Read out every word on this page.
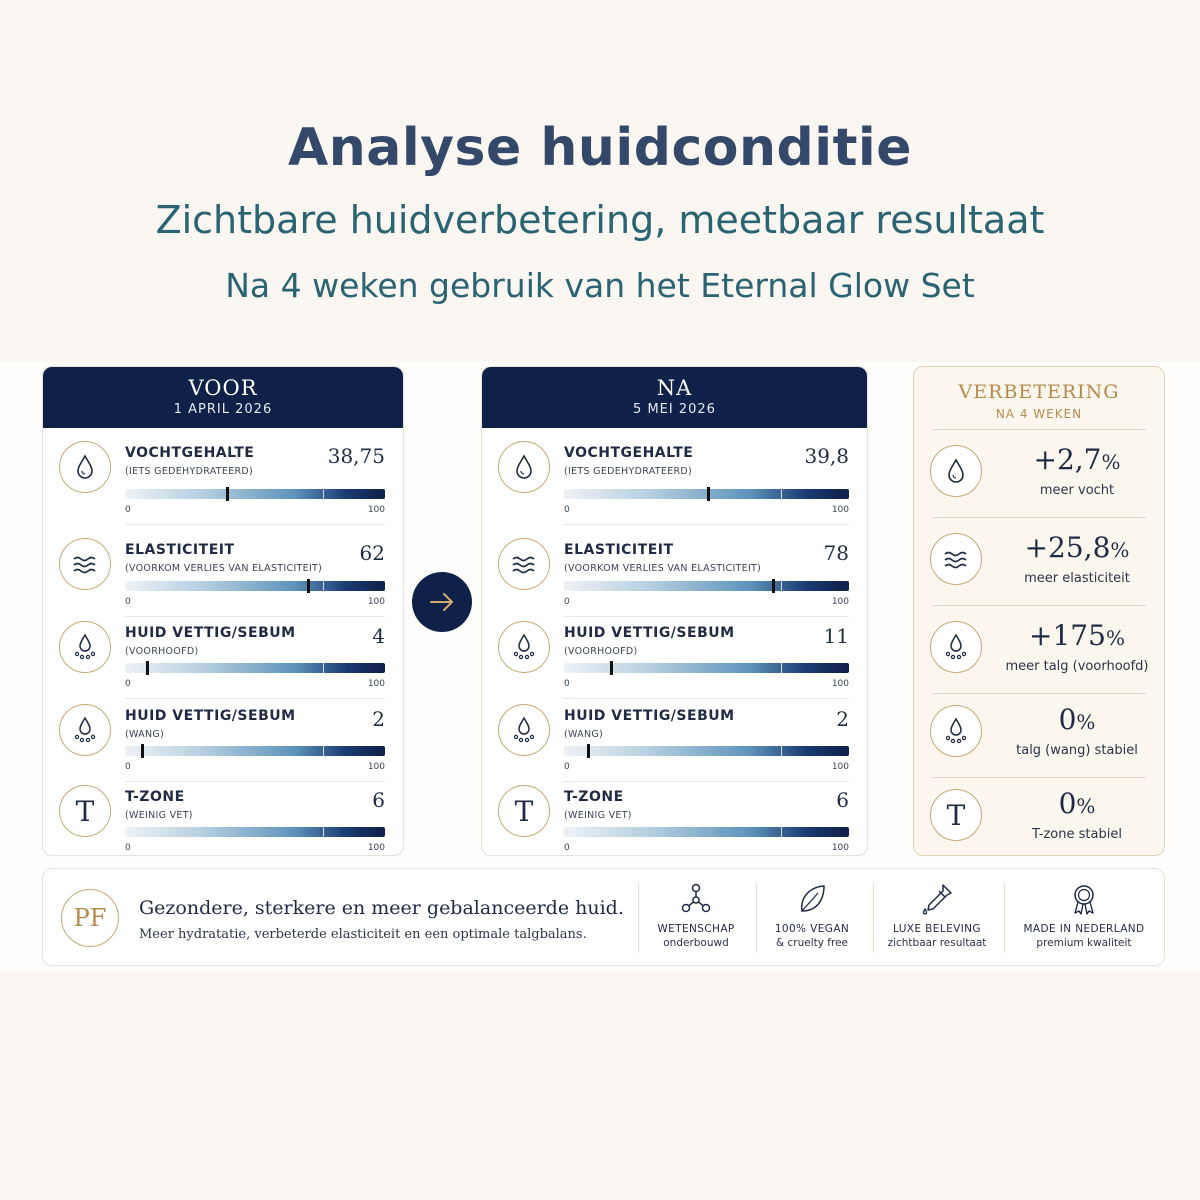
Analyse huidconditie
Zichtbare huidverbetering, meetbaar resultaat
Na 4 weken gebruik van het Eternal Glow Set
VOOR
1 APRIL 2026
VOCHTGEHALTE
(IETS GEDEHYDRATEERD)
38,75
0	100
ELASTICITEIT
(VOORKOM VERLIES VAN ELASTICITEIT)
62
0	100
HUID VETTIG/SEBUM
(VOORHOOFD)
4
0	100
HUID VETTIG/SEBUM
(WANG)
2
0	100
T T-ZONE
(WEINIG VET)
6
0	100
NA
5 MEI 2026
VOCHTGEHALTE
(IETS GEDEHYDRATEERD)
39,8
0	100
ELASTICITEIT
(VOORKOM VERLIES VAN ELASTICITEIT)
78
0	100
HUID VETTIG/SEBUM
(VOORHOOFD)
11
0	100
HUID VETTIG/SEBUM
(WANG)
2
0	100
T T-ZONE
(WEINIG VET)
6
0	100
VERBETERING
NA 4 WEKEN
+2,7%
meer vocht
+25,8%
meer elasticiteit
+175%
meer talg (voorhoofd)
0%
talg (wang) stabiel
T	0%
T-zone stabiel
PF	Gezondere, sterkere en meer gebalanceerde huid.
Meer hydratatie, verbeterde elasticiteit en een optimale talgbalans.	WETENSCHAP
onderbouwd
100% VEGAN
& cruelty free
LUXE BELEVING
zichtbaar resultaat
MADE IN NEDERLAND
premium kwaliteit
